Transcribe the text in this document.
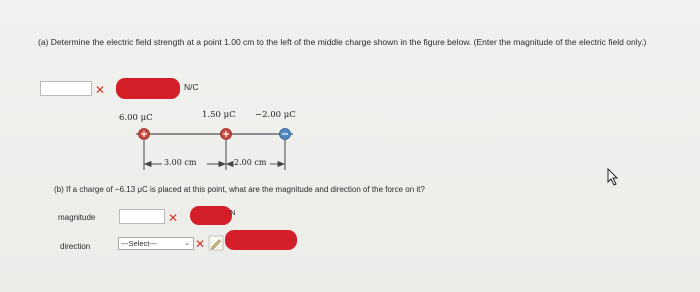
(a) Determine the electric field strength at a point 1.00 cm to the left of the middle charge shown in the figure below. (Enter the magnitude of the electric field only.)
✕	N/C
6.00 μC	1.50 μC −2.00 μC
3.00 cm	2.00 cm
(b) If a charge of −6.13 μC is placed at this point, what are the magnitude and direction of the force on it?
magnitude	✕	N
direction	---Select---	⌄ ✕
